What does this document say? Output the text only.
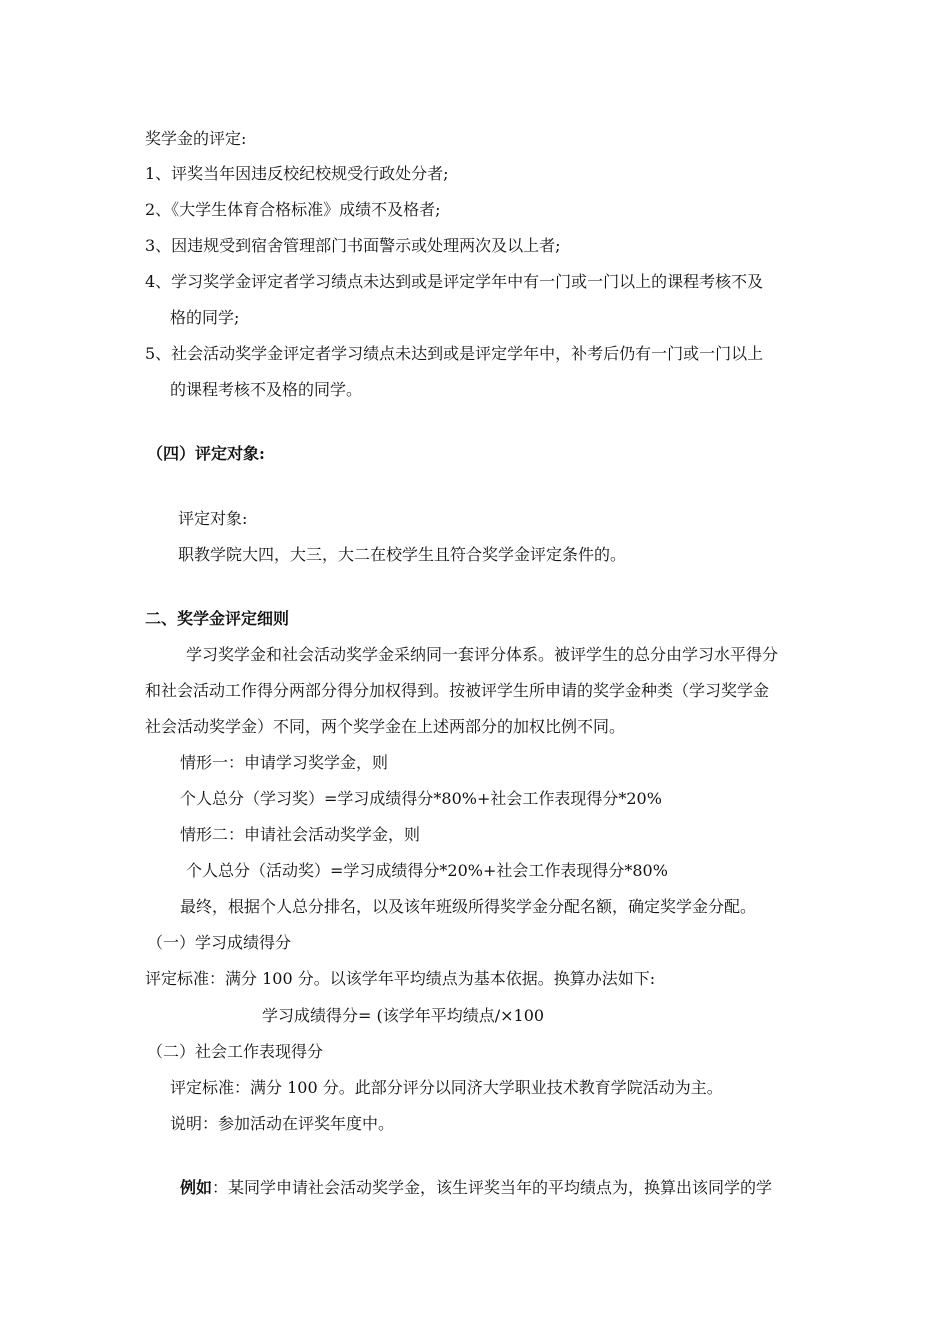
奖学金的评定:
1、评奖当年因违反校纪校规受行政处分者;
2、《大学生体育合格标准》成绩不及格者;
3、因违规受到宿舍管理部门书面警示或处理两次及以上者;
4、学习奖学金评定者学习绩点未达到或是评定学年中有一门或一门以上的课程考核不及
格的同学;
5、社会活动奖学金评定者学习绩点未达到或是评定学年中，补考后仍有一门或一门以上
的课程考核不及格的同学。
（四）评定对象:
评定对象:
职教学院大四，大三，大二在校学生且符合奖学金评定条件的。
二、奖学金评定细则
学习奖学金和社会活动奖学金采纳同一套评分体系。被评学生的总分由学习水平得分
和社会活动工作得分两部分得分加权得到。按被评学生所申请的奖学金种类（学习奖学金
社会活动奖学金）不同，两个奖学金在上述两部分的加权比例不同。
情形一：申请学习奖学金，则
个人总分（学习奖）=学习成绩得分*80%+社会工作表现得分*20%
情形二：申请社会活动奖学金，则
个人总分（活动奖）=学习成绩得分*20%+社会工作表现得分*80%
最终，根据个人总分排名，以及该年班级所得奖学金分配名额，确定奖学金分配。
（一）学习成绩得分
评定标准：满分 100 分。以该学年平均绩点为基本依据。换算办法如下:
学习成绩得分= (该学年平均绩点/×100
（二）社会工作表现得分
评定标准：满分 100 分。此部分评分以同济大学职业技术教育学院活动为主。
说明：参加活动在评奖年度中。
例如：某同学申请社会活动奖学金，该生评奖当年的平均绩点为，换算出该同学的学
